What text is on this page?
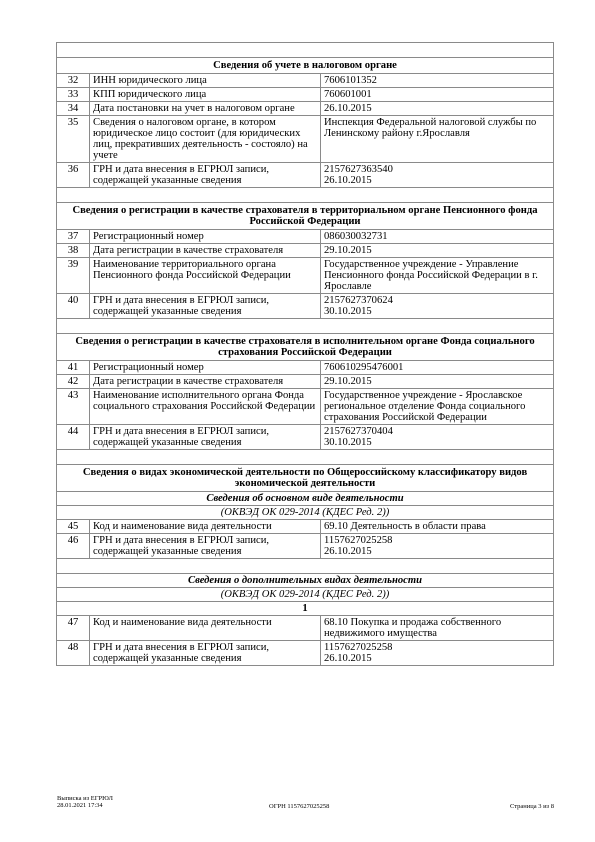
Сведения об учете в налоговом органе		
32	ИНН юридического лица	7606101352
33	КПП юридического лица	760601001
34	Дата постановки на учет в налоговом органе	26.10.2015
35	Сведения о налоговом органе, в котором юридическое лицо состоит (для юридических лиц, прекративших деятельность - состояло) на учете	Инспекция Федеральной налоговой службы по Ленинскому району г.Ярославля
36	ГРН и дата внесения в ЕГРЮЛ записи, содержащей указанные сведения	2157627363540
26.10.2015

Сведения о регистрации в качестве страхователя в территориальном органе Пенсионного фонда Российской Федерации		
37	Регистрационный номер	086030032731
38	Дата регистрации в качестве страхователя	29.10.2015
39	Наименование территориального органа Пенсионного фонда Российской Федерации	Государственное учреждение - Управление Пенсионного фонда Российской Федерации в г. Ярославле
40	ГРН и дата внесения в ЕГРЮЛ записи, содержащей указанные сведения	2157627370624
30.10.2015

Сведения о регистрации в качестве страхователя в исполнительном органе Фонда социального страхования Российской Федерации		
41	Регистрационный номер	760610295476001
42	Дата регистрации в качестве страхователя	29.10.2015
43	Наименование исполнительного органа Фонда социального страхования Российской Федерации	Государственное учреждение - Ярославское региональное отделение Фонда социального страхования Российской Федерации
44	ГРН и дата внесения в ЕГРЮЛ записи, содержащей указанные сведения	2157627370404
30.10.2015

Сведения о видах экономической деятельности по Общероссийскому классификатору видов экономической деятельности		
Сведения об основном виде деятельности		
(ОКВЭД ОК 029-2014 (КДЕС Ред. 2))		
45	Код и наименование вида деятельности	69.10 Деятельность в области права
46	ГРН и дата внесения в ЕГРЮЛ записи, содержащей указанные сведения	1157627025258
26.10.2015

Сведения о дополнительных видах деятельности		
(ОКВЭД ОК 029-2014 (КДЕС Ред. 2))		
1		
47	Код и наименование вида деятельности	68.10 Покупка и продажа собственного недвижимого имущества
48	ГРН и дата внесения в ЕГРЮЛ записи, содержащей указанные сведения	1157627025258
26.10.2015
Выписка из ЕГРЮЛ
28.01.2021 17:34	ОГРН 1157627025258	Страница 3 из 8
